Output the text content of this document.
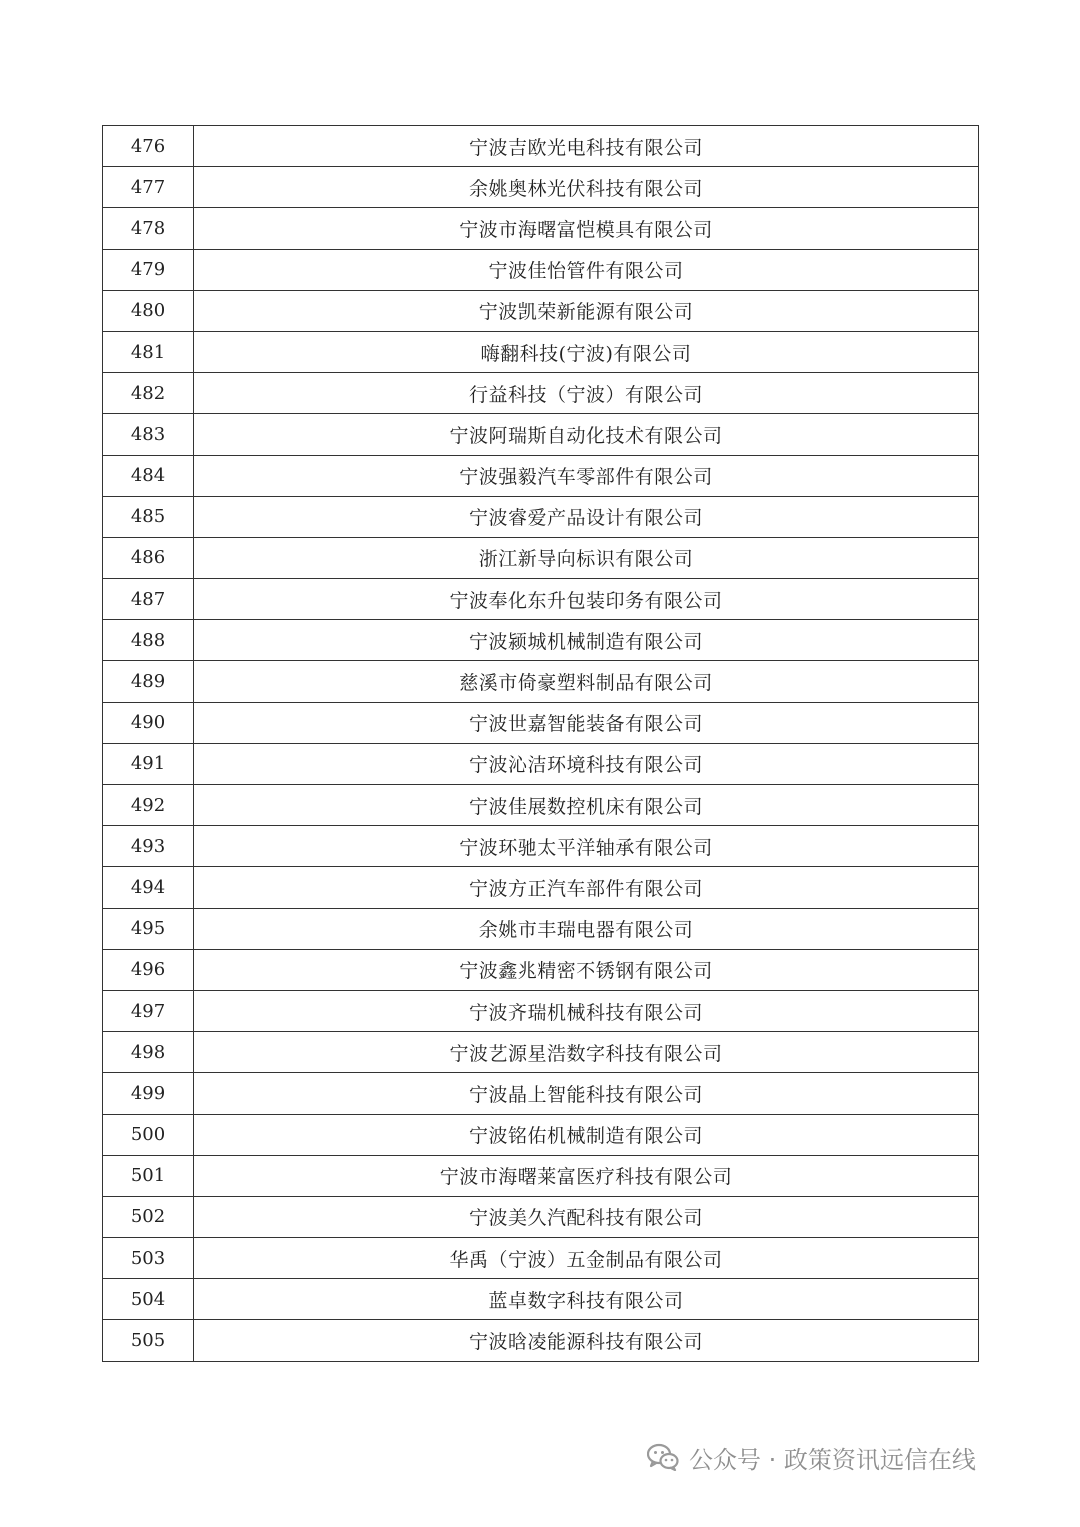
476	宁波吉欧光电科技有限公司
477	余姚奥林光伏科技有限公司
478	宁波市海曙富恺模具有限公司
479	宁波佳怡管件有限公司
480	宁波凯荣新能源有限公司
481	嗨翻科技(宁波)有限公司
482	行益科技（宁波）有限公司
483	宁波阿瑞斯自动化技术有限公司
484	宁波强毅汽车零部件有限公司
485	宁波睿爱产品设计有限公司
486	浙江新导向标识有限公司
487	宁波奉化东升包装印务有限公司
488	宁波颍城机械制造有限公司
489	慈溪市倚豪塑料制品有限公司
490	宁波世嘉智能装备有限公司
491	宁波沁洁环境科技有限公司
492	宁波佳展数控机床有限公司
493	宁波环驰太平洋轴承有限公司
494	宁波方正汽车部件有限公司
495	余姚市丰瑞电器有限公司
496	宁波鑫兆精密不锈钢有限公司
497	宁波齐瑞机械科技有限公司
498	宁波艺源星浩数字科技有限公司
499	宁波晶上智能科技有限公司
500	宁波铭佑机械制造有限公司
501	宁波市海曙莱富医疗科技有限公司
502	宁波美久汽配科技有限公司
503	华禹（宁波）五金制品有限公司
504	蓝卓数字科技有限公司
505	宁波晗凌能源科技有限公司
公众号 · 政策资讯远信在线
